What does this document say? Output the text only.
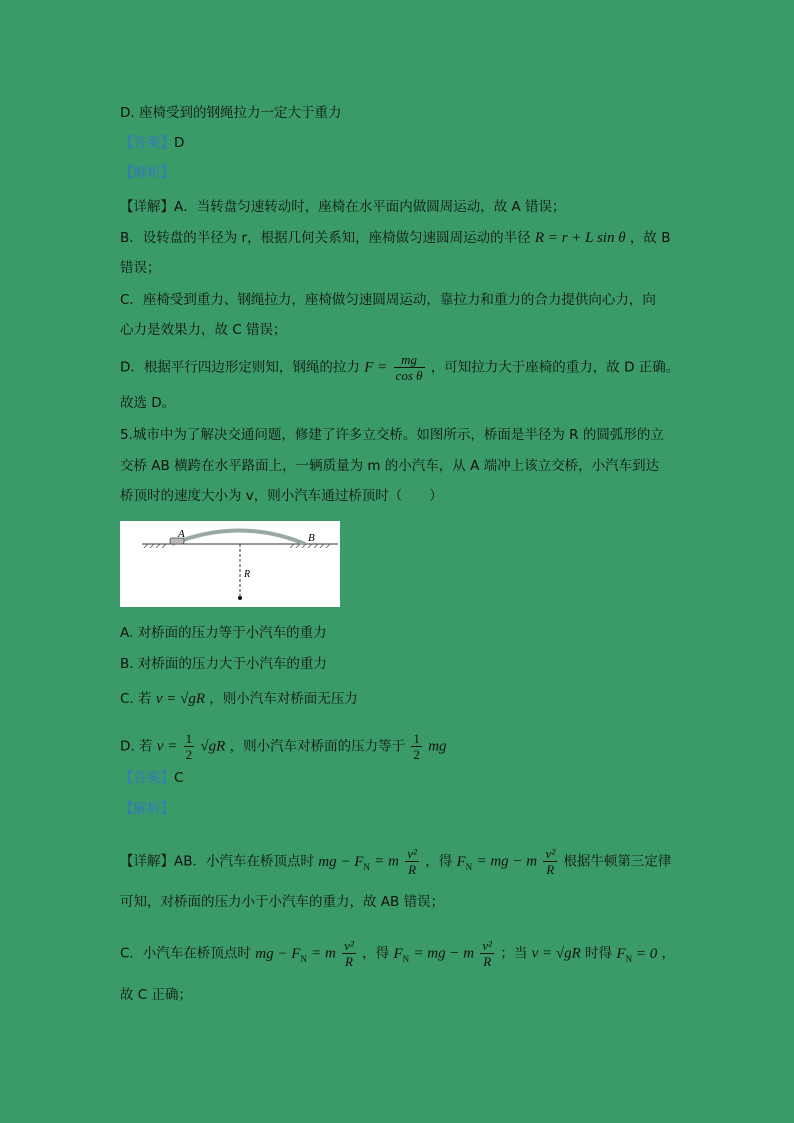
D. 座椅受到的钢绳拉力一定大于重力
【答案】D
【解析】
【详解】A．当转盘匀速转动时，座椅在水平面内做圆周运动，故 A 错误；
B．设转盘的半径为 r，根据几何关系知，座椅做匀速圆周运动的半径 R = r + L sin θ ，故 B
错误；
C．座椅受到重力、钢绳拉力，座椅做匀速圆周运动，靠拉力和重力的合力提供向心力，向
心力是效果力，故 C 错误；
D．根据平行四边形定则知，钢绳的拉力 $F = \frac{mg}{\text{cos θ}}$ ，可知拉力大于座椅的重力，故 D 正确。
故选 D。
5.城市中为了解决交通问题，修建了许多立交桥。如图所示，桥面是半径为 R 的圆弧形的立
交桥 AB 横跨在水平路面上，一辆质量为 m 的小汽车，从 A 端冲上该立交桥，小汽车到达
桥顶时的速度大小为 v，则小汽车通过桥顶时（　　）
A	B
R
A. 对桥面的压力等于小汽车的重力
B. 对桥面的压力大于小汽车的重力
C. 若 v = √gR ，则小汽车对桥面无压力
D. 若 $v = \frac{1}{2} √gR$ ，则小汽车对桥面的压力等于 $\frac{1}{2}$ mg
【答案】C
【解析】
【详解】AB．小汽车在桥顶点时 mg − $F_N = m \frac{\text{v²}}{R}$ ，得 $F_N$ = mg − m $\frac{\text{v²}}{R}$ 根据牛顿第三定律
可知，对桥面的压力小于小汽车的重力，故 AB 错误；
C．小汽车在桥顶点时 mg − $F_N = m \frac{\text{v²}}{R}$ ，得 $F_N$ = mg − m $\frac{\text{v²}}{R}$ ；当 v = √gR 时得 $F_N = 0$ ，
故 C 正确；
